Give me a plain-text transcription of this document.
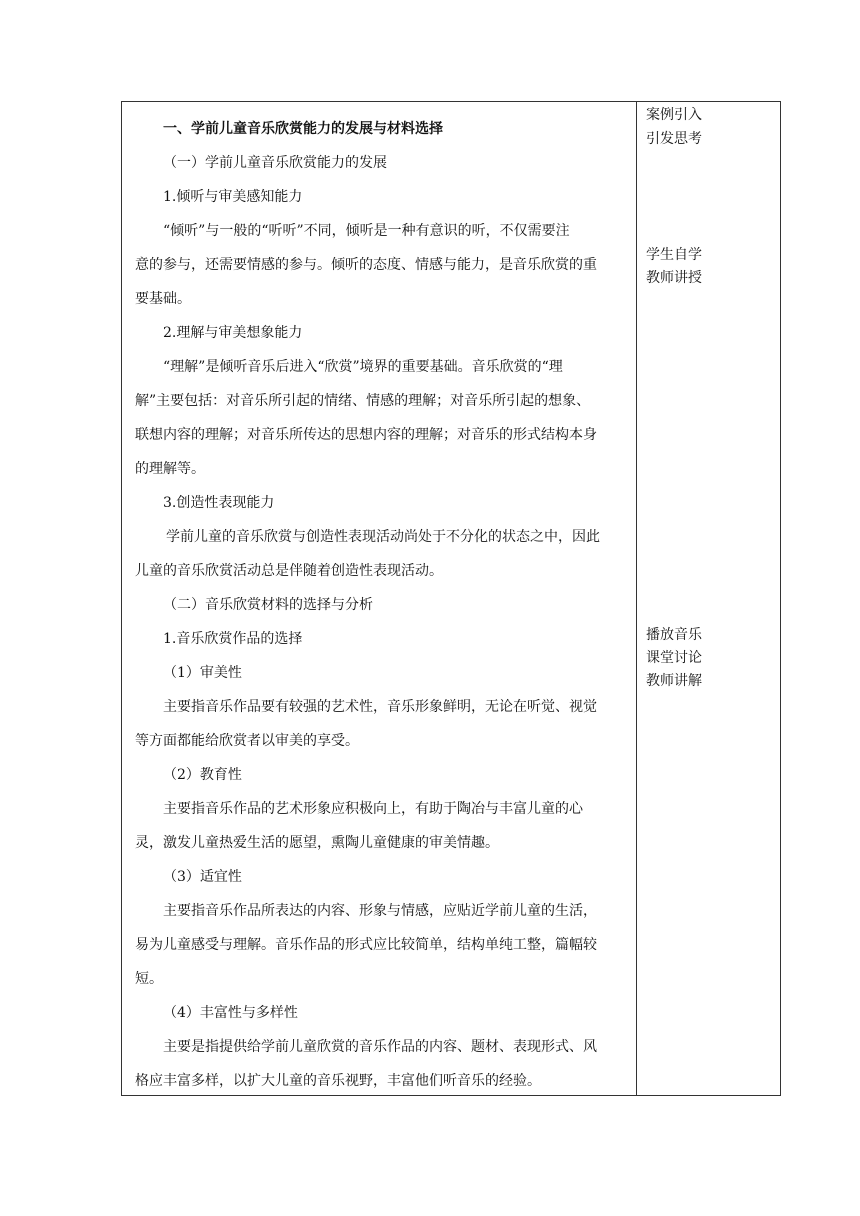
一、学前儿童音乐欣赏能力的发展与材料选择
（一）学前儿童音乐欣赏能力的发展
1.倾听与审美感知能力
“倾听”与一般的“听听”不同，倾听是一种有意识的听，不仅需要注
意的参与，还需要情感的参与。倾听的态度、情感与能力，是音乐欣赏的重
要基础。
2.理解与审美想象能力
“理解”是倾听音乐后进入“欣赏”境界的重要基础。音乐欣赏的“理
解”主要包括：对音乐所引起的情绪、情感的理解；对音乐所引起的想象、
联想内容的理解；对音乐所传达的思想内容的理解；对音乐的形式结构本身
的理解等。
3.创造性表现能力
学前儿童的音乐欣赏与创造性表现活动尚处于不分化的状态之中，因此
儿童的音乐欣赏活动总是伴随着创造性表现活动。
（二）音乐欣赏材料的选择与分析
1.音乐欣赏作品的选择
（1）审美性
主要指音乐作品要有较强的艺术性，音乐形象鲜明，无论在听觉、视觉
等方面都能给欣赏者以审美的享受。
（2）教育性
主要指音乐作品的艺术形象应积极向上，有助于陶冶与丰富儿童的心
灵，激发儿童热爱生活的愿望，熏陶儿童健康的审美情趣。
（3）适宜性
主要指音乐作品所表达的内容、形象与情感，应贴近学前儿童的生活，
易为儿童感受与理解。音乐作品的形式应比较简单，结构单纯工整，篇幅较
短。
（4）丰富性与多样性
主要是指提供给学前儿童欣赏的音乐作品的内容、题材、表现形式、风
格应丰富多样，以扩大儿童的音乐视野，丰富他们听音乐的经验。
案例引入
引发思考
学生自学
教师讲授
播放音乐
课堂讨论
教师讲解
